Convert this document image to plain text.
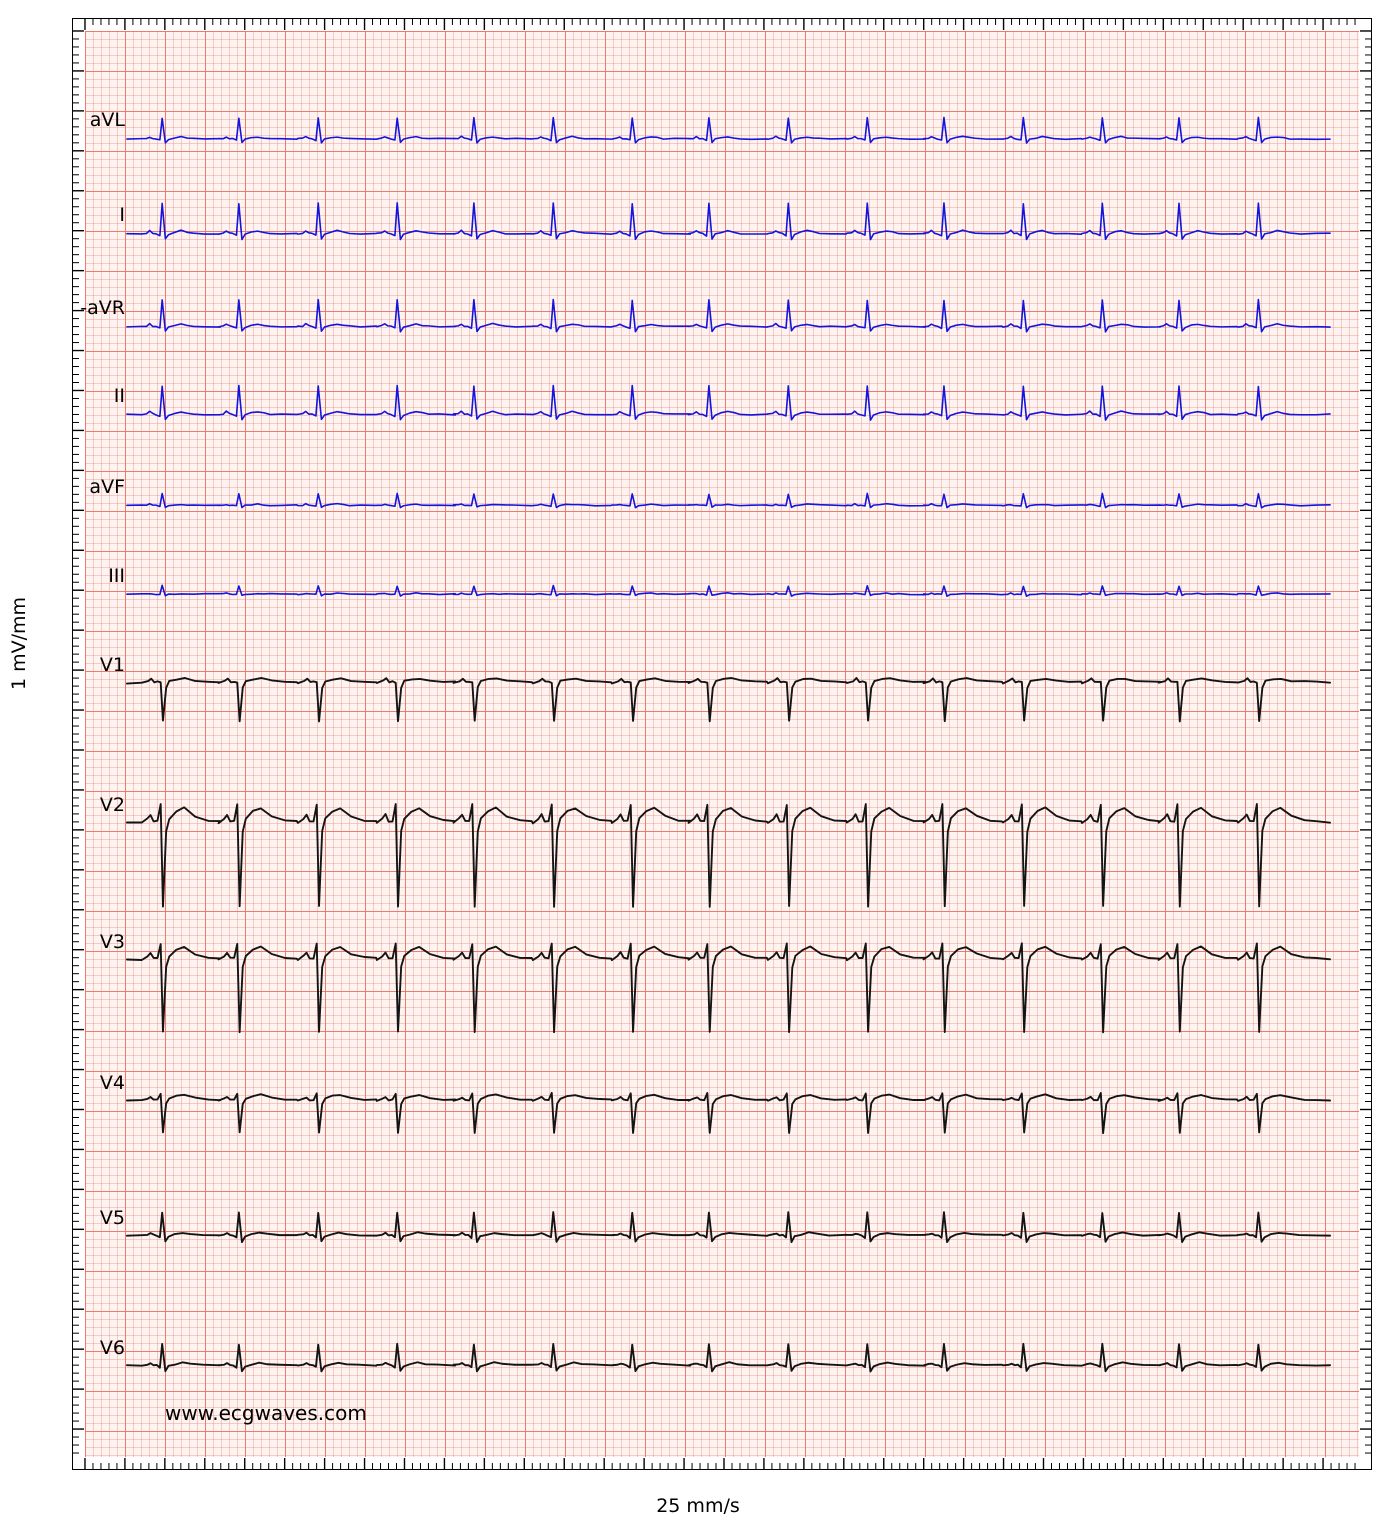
1 mV/mm
25 mm/s
aVL
I
-aVR
II
aVF
III
V1
V2
V3
V4
V5
V6
www.ecgwaves.com
